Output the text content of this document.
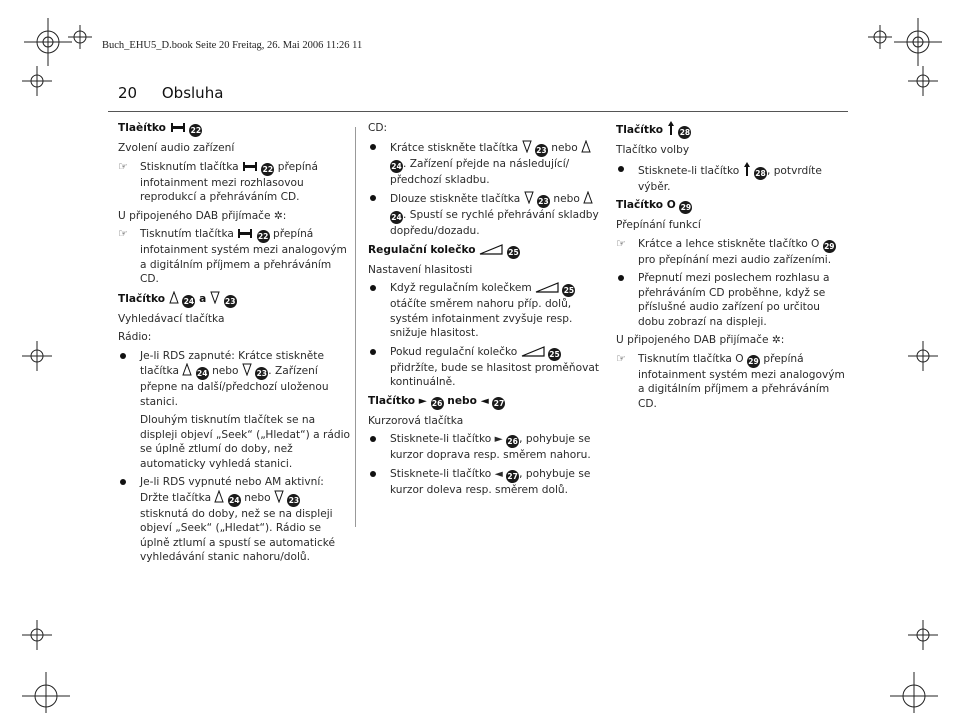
Buch_EHU5_D.book Seite 20 Freitag, 26. Mai 2006 11:26 11
20 Obsluha
Tlaèítko	22
Zvolení audio zařízení
☞	Stisknutím tlačítka	22 přepíná infotainment mezi rozhlasovou reprodukcí a přehráváním CD.
U připojeného DAB přijímače ✲:
☞	Tisknutím tlačítka	22 přepíná infotainment systém mezi analogovým a digitálním příjmem a přehráváním CD.
Tlačítko 24 a 23
Vyhledávací tlačítka
Rádio:
Je-li RDS zapnuté: Krátce stiskněte tlačítka 24 nebo 23. Zařízení přepne na další/předchozí uloženou stanici.
Dlouhým tisknutím tlačítek se na displeji objeví „Seek“ („Hledat“) a rádio se úplně ztlumí do doby, než automaticky vyhledá stanici.
Je-li RDS vypnuté nebo AM aktivní: Držte tlačítka 24 nebo 23 stisknutá do doby, než se na displeji objeví „Seek“ („Hledat“). Rádio se úplně ztlumí a spustí se automatické vyhledávání stanic nahoru/dolů.
CD:
Krátce stiskněte tlačítka 23 nebo  24. Zařízení přejde na následující/ předchozí skladbu.
Dlouze stiskněte tlačítka 23 nebo  24. Spustí se rychlé přehrávání skladby dopředu/dozadu.
Regulační kolečko	25
Nastavení hlasitosti
Když regulačním kolečkem	25 otáčíte směrem nahoru příp. dolů, systém infotainment zvyšuje resp. snižuje hlasitost.
Pokud regulační kolečko	25 přidržíte, bude se hlasitost proměňovat kontinuálně.
Tlačítko ► 26 nebo ◄ 27
Kurzorová tlačítka
Stisknete-li tlačítko ► 26, pohybuje se kurzor doprava resp. směrem nahoru.
Stisknete-li tlačítko ◄ 27, pohybuje se kurzor doleva resp. směrem dolů.
Tlačítko 28
Tlačítko volby
Stisknete-li tlačítko 28, potvrdíte výběr.
Tlačítko O 29
Přepínání funkcí
☞	Krátce a lehce stiskněte tlačítko O 29 pro přepínání mezi audio zařízeními.
Přepnutí mezi poslechem rozhlasu a přehráváním CD proběhne, když se příslušné audio zařízení po určitou dobu zobrazí na displeji.
U připojeného DAB přijímače ✲:
☞	Tisknutím tlačítka O 29 přepíná infotainment systém mezi analogovým a digitálním příjmem a přehráváním CD.
